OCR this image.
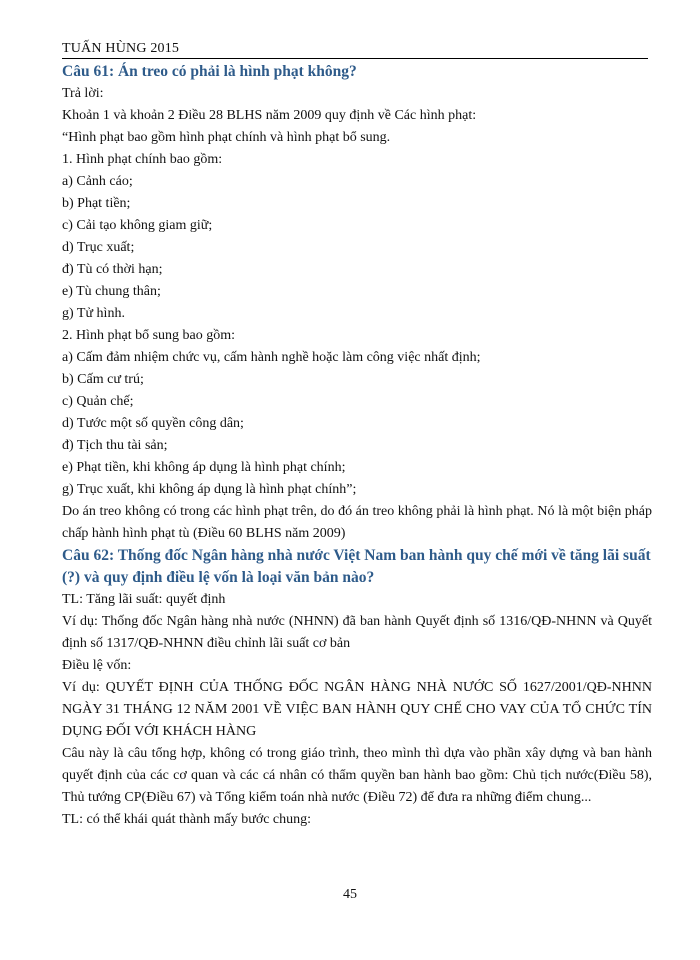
TUẤN HÙNG 2015
Câu 61: Án treo có phải là hình phạt không?

Trả lời:

Khoản 1 và khoản 2 Điều 28 BLHS năm 2009 quy định về Các hình phạt:

“Hình phạt bao gồm hình phạt chính và hình phạt bổ sung.

1. Hình phạt chính bao gồm:

a) Cảnh cáo;

b) Phạt tiền;

c) Cải tạo không giam giữ;

d) Trục xuất;

đ) Tù có thời hạn;

e) Tù chung thân;

g) Tử hình.

2. Hình phạt bổ sung bao gồm:

a) Cấm đảm nhiệm chức vụ, cấm hành nghề hoặc làm công việc nhất định;

b) Cấm cư trú;

c) Quản chế;

d) Tước một số quyền công dân;

đ) Tịch thu tài sản;

e) Phạt tiền, khi không áp dụng là hình phạt chính;

g) Trục xuất, khi không áp dụng là hình phạt chính”;

Do án treo không có trong các hình phạt trên, do đó án treo không phải là hình phạt. Nó là một biện pháp chấp hành hình phạt tù (Điều 60 BLHS năm 2009)

Câu 62: Thống đốc Ngân hàng nhà nước Việt Nam ban hành quy chế mới về tăng lãi suất (?) và quy định điều lệ vốn là loại văn bản nào?

TL: Tăng lãi suất: quyết định

Ví dụ: Thống đốc Ngân hàng nhà nước (NHNN) đã ban hành Quyết định số 1316/QĐ-NHNN và Quyết định số 1317/QĐ-NHNN điều chỉnh lãi suất cơ bản

Điều lệ vốn:

Ví dụ: QUYẾT ĐỊNH CỦA THỐNG ĐỐC NGÂN HÀNG NHÀ NƯỚC SỐ 1627/2001/QĐ-NHNN NGÀY 31 THÁNG 12 NĂM 2001 VỀ VIỆC BAN HÀNH QUY CHẾ CHO VAY CỦA TỔ CHỨC TÍN DỤNG ĐỐI VỚI KHÁCH HÀNG

Câu này là câu tổng hợp, không có trong giáo trình, theo mình thì dựa vào phần xây dựng và ban hành quyết định của các cơ quan và các cá nhân có thẩm quyền ban hành bao gồm: Chủ tịch nước(Điều 58), Thủ tướng CP(Điều 67) và Tổng kiểm toán nhà nước (Điều 72) để đưa ra những điểm chung...

TL: có thể khái quát thành mấy bước chung:

45
